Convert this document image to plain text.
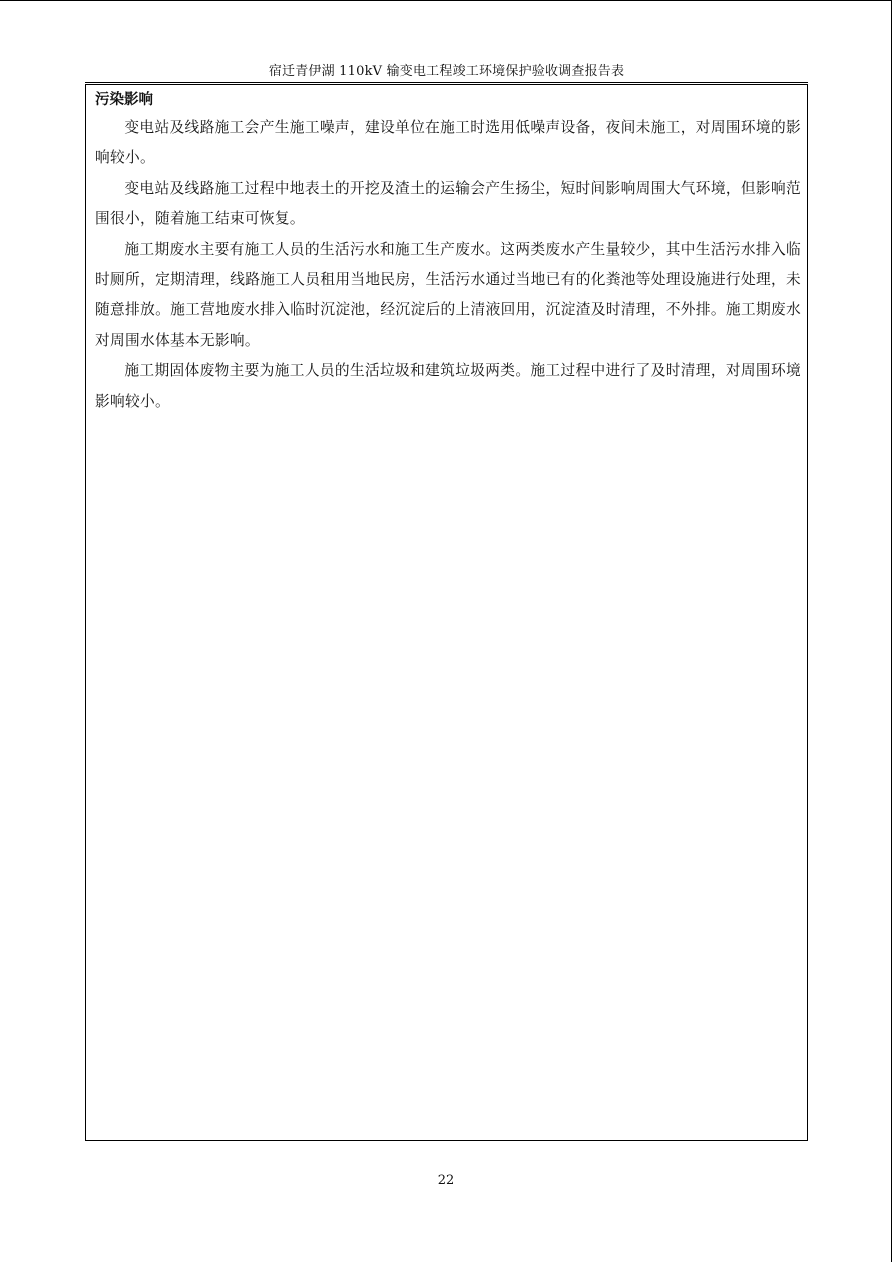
宿迁青伊湖 110kV 输变电工程竣工环境保护验收调查报告表
污染影响

变电站及线路施工会产生施工噪声，建设单位在施工时选用低噪声设备，夜间未施工，对周围环境的影响较小。

变电站及线路施工过程中地表土的开挖及渣土的运输会产生扬尘，短时间影响周围大气环境，但影响范围很小，随着施工结束可恢复。

施工期废水主要有施工人员的生活污水和施工生产废水。这两类废水产生量较少，其中生活污水排入临时厕所，定期清理，线路施工人员租用当地民房，生活污水通过当地已有的化粪池等处理设施进行处理，未随意排放。施工营地废水排入临时沉淀池，经沉淀后的上清液回用，沉淀渣及时清理，不外排。施工期废水对周围水体基本无影响。

施工期固体废物主要为施工人员的生活垃圾和建筑垃圾两类。施工过程中进行了及时清理，对周围环境影响较小。

22
